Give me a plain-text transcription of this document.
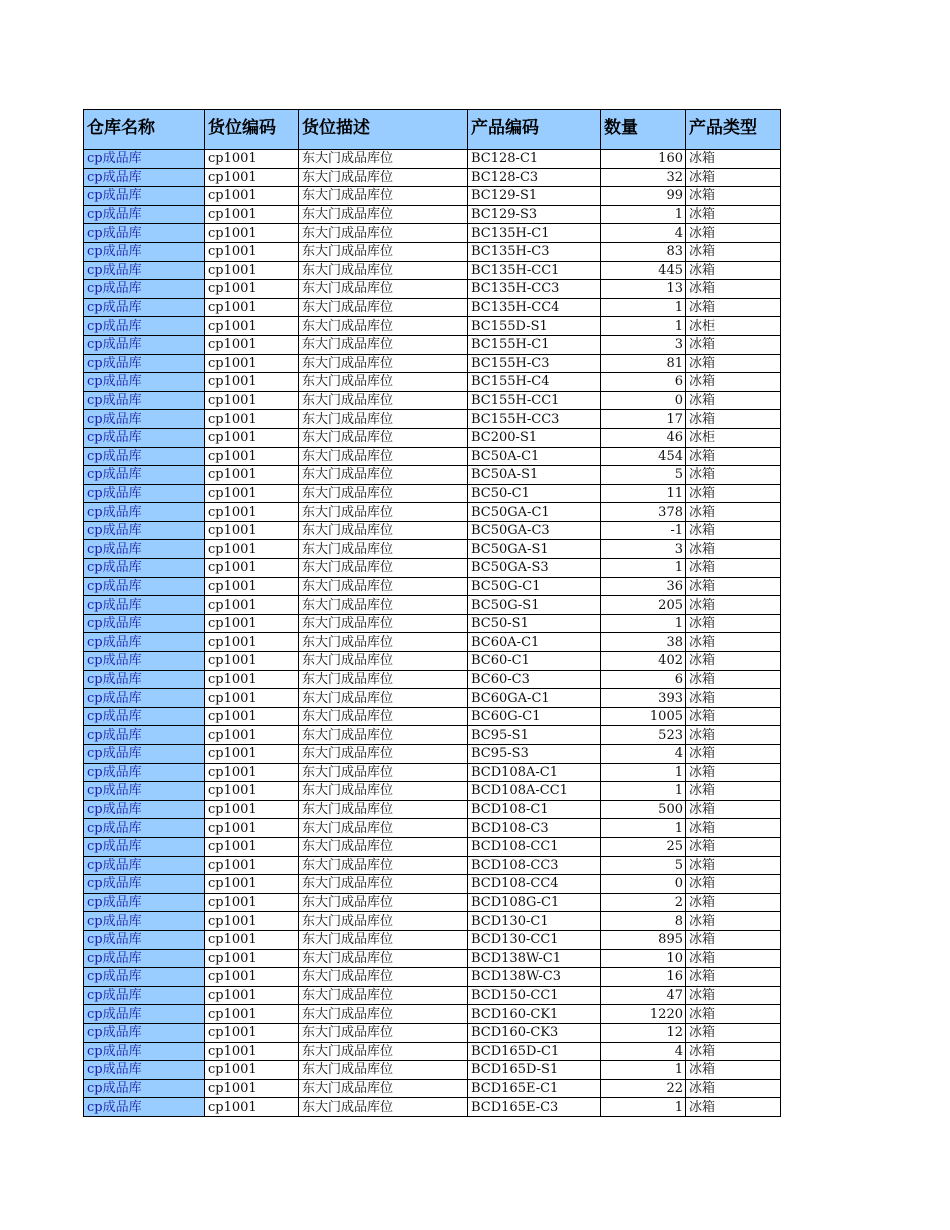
仓库名称	货位编码	货位描述	产品编码	数量	产品类型
cp成品库	cp1001	东大门成品库位	BC128-C1	160	冰箱
cp成品库	cp1001	东大门成品库位	BC128-C3	32	冰箱
cp成品库	cp1001	东大门成品库位	BC129-S1	99	冰箱
cp成品库	cp1001	东大门成品库位	BC129-S3	1	冰箱
cp成品库	cp1001	东大门成品库位	BC135H-C1	4	冰箱
cp成品库	cp1001	东大门成品库位	BC135H-C3	83	冰箱
cp成品库	cp1001	东大门成品库位	BC135H-CC1	445	冰箱
cp成品库	cp1001	东大门成品库位	BC135H-CC3	13	冰箱
cp成品库	cp1001	东大门成品库位	BC135H-CC4	1	冰箱
cp成品库	cp1001	东大门成品库位	BC155D-S1	1	冰柜
cp成品库	cp1001	东大门成品库位	BC155H-C1	3	冰箱
cp成品库	cp1001	东大门成品库位	BC155H-C3	81	冰箱
cp成品库	cp1001	东大门成品库位	BC155H-C4	6	冰箱
cp成品库	cp1001	东大门成品库位	BC155H-CC1	0	冰箱
cp成品库	cp1001	东大门成品库位	BC155H-CC3	17	冰箱
cp成品库	cp1001	东大门成品库位	BC200-S1	46	冰柜
cp成品库	cp1001	东大门成品库位	BC50A-C1	454	冰箱
cp成品库	cp1001	东大门成品库位	BC50A-S1	5	冰箱
cp成品库	cp1001	东大门成品库位	BC50-C1	11	冰箱
cp成品库	cp1001	东大门成品库位	BC50GA-C1	378	冰箱
cp成品库	cp1001	东大门成品库位	BC50GA-C3	-1	冰箱
cp成品库	cp1001	东大门成品库位	BC50GA-S1	3	冰箱
cp成品库	cp1001	东大门成品库位	BC50GA-S3	1	冰箱
cp成品库	cp1001	东大门成品库位	BC50G-C1	36	冰箱
cp成品库	cp1001	东大门成品库位	BC50G-S1	205	冰箱
cp成品库	cp1001	东大门成品库位	BC50-S1	1	冰箱
cp成品库	cp1001	东大门成品库位	BC60A-C1	38	冰箱
cp成品库	cp1001	东大门成品库位	BC60-C1	402	冰箱
cp成品库	cp1001	东大门成品库位	BC60-C3	6	冰箱
cp成品库	cp1001	东大门成品库位	BC60GA-C1	393	冰箱
cp成品库	cp1001	东大门成品库位	BC60G-C1	1005	冰箱
cp成品库	cp1001	东大门成品库位	BC95-S1	523	冰箱
cp成品库	cp1001	东大门成品库位	BC95-S3	4	冰箱
cp成品库	cp1001	东大门成品库位	BCD108A-C1	1	冰箱
cp成品库	cp1001	东大门成品库位	BCD108A-CC1	1	冰箱
cp成品库	cp1001	东大门成品库位	BCD108-C1	500	冰箱
cp成品库	cp1001	东大门成品库位	BCD108-C3	1	冰箱
cp成品库	cp1001	东大门成品库位	BCD108-CC1	25	冰箱
cp成品库	cp1001	东大门成品库位	BCD108-CC3	5	冰箱
cp成品库	cp1001	东大门成品库位	BCD108-CC4	0	冰箱
cp成品库	cp1001	东大门成品库位	BCD108G-C1	2	冰箱
cp成品库	cp1001	东大门成品库位	BCD130-C1	8	冰箱
cp成品库	cp1001	东大门成品库位	BCD130-CC1	895	冰箱
cp成品库	cp1001	东大门成品库位	BCD138W-C1	10	冰箱
cp成品库	cp1001	东大门成品库位	BCD138W-C3	16	冰箱
cp成品库	cp1001	东大门成品库位	BCD150-CC1	47	冰箱
cp成品库	cp1001	东大门成品库位	BCD160-CK1	1220	冰箱
cp成品库	cp1001	东大门成品库位	BCD160-CK3	12	冰箱
cp成品库	cp1001	东大门成品库位	BCD165D-C1	4	冰箱
cp成品库	cp1001	东大门成品库位	BCD165D-S1	1	冰箱
cp成品库	cp1001	东大门成品库位	BCD165E-C1	22	冰箱
cp成品库	cp1001	东大门成品库位	BCD165E-C3	1	冰箱
